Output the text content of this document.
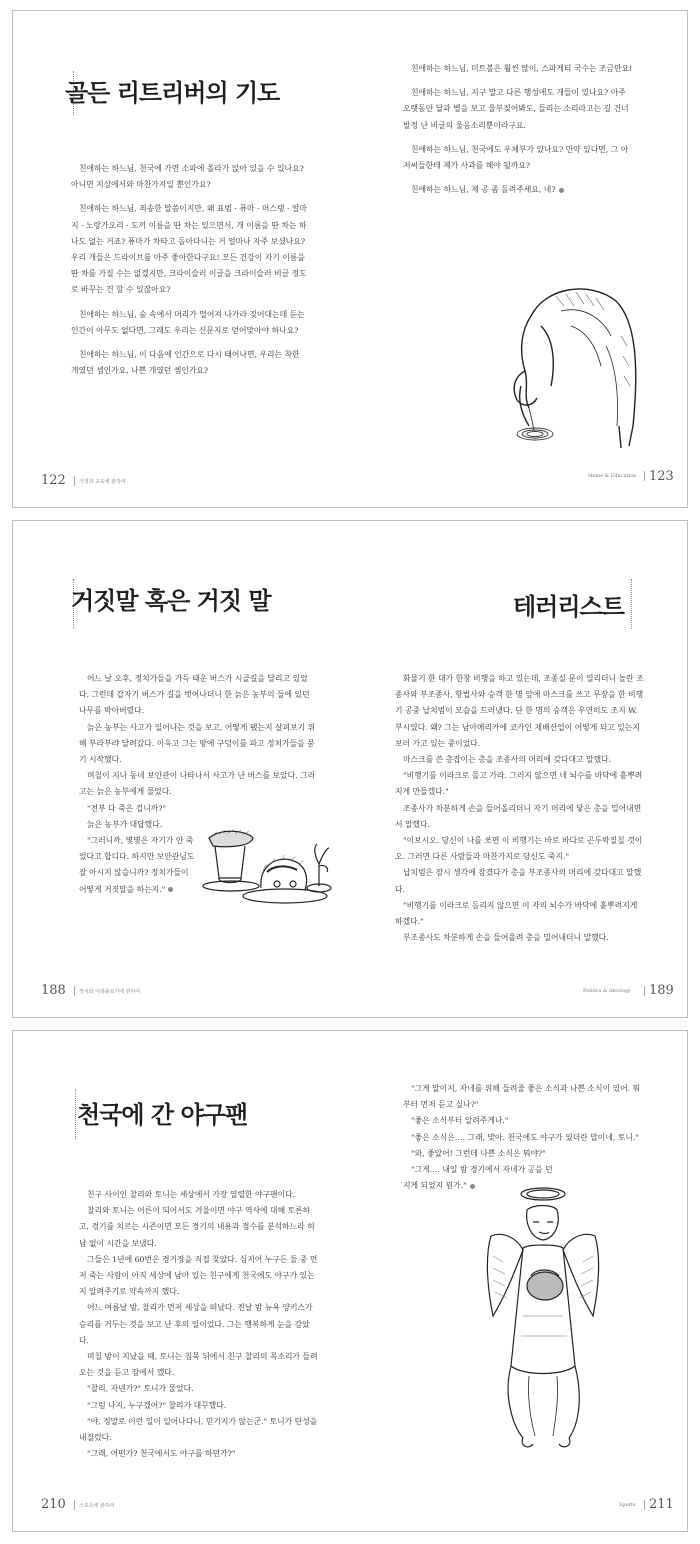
골든 리트리버의 기도

친애하는 하느님, 천국에 가면 소파에 올라가 앉아 있을 수 있나요? 아니면 지상에서와 마찬가지일 뿐인가요?

친애하는 하느님, 죄송한 말씀이지만, 왜 표범 · 퓨마 · 머스탱 · 얼마지 · 노랑가오리 · 도끼 이름을 딴 차는 있으면서, 개 이름을 딴 차는 하나도 없는 거죠? 퓨마가 차타고 돌아다니는 거 얼마나 자주 보셨나요? 우리 개들은 드라이브를 아주 좋아한다구요! 모든 건강이 자기 이름을 딴 차를 가질 수는 없겠지만, 크라이슬러 이글을 크라이슬러 비글 정도로 바꾸는 건 할 수 있잖아요?

친애하는 하느님, 숲 속에서 머리가 떨어져 나가라 짖어대는데 듣는 인간이 아무도 없다면, 그래도 우리는 신문지로 얻어맞아야 하나요?

친애하는 하느님, 이 다음에 인간으로 다시 태어나면, 우리는 착한 개였던 셈인가요, 나쁜 개였던 셈인가요?

친애하는 하느님, 미트볼은 훨씬 많이, 스파게티 국수는 조금만요!

친애하는 하느님, 지구 말고 다른 행성에도 개들이 있나요? 아주 오랫동안 달과 별을 보고 울부짖어봐도, 들리는 소리라고는 길 건너 발정 난 비글의 울음소리뿐이라구요.

친애하는 하느님, 천국에도 우체부가 있나요? 만약 있다면, 그 아저씨들한테 제가 사과를 해야 될까요?

친애하는 하느님, 제 공 좀 돌려주세요, 네?

122	가정과 교육에 관하여
Home & Education 123
거짓말 혹은 거짓 말	테러리스트

어느 날 오후, 정치가들을 가득 태운 버스가 시골길을 달리고 있었다. 그런데 갑자기 버스가 길을 벗어나더니 한 늙은 농부의 들에 있던 나무를 박아버렸다.

늙은 농부는 사고가 일어나는 것을 보고, 어떻게 됐는지 살펴보기 위해 부라부랴 달려갔다. 이윽고 그는 땅에 구덩이를 파고 정치가들을 묻기 시작했다.

며칠이 지나 동네 보안관이 나타나서 사고가 난 버스를 보았다. 그러고는 늙은 농부에게 물었다.

"전부 다 죽은 겁니까?"

늙은 농부가 대답했다.

"그러니까, 몇몇은 자기가 안 죽었다고 합디다. 하지만 보안관님도 잘 아시지 않습니까? 정치가들이 어떻게 거짓말을 하는지."

화물기 한 대가 한창 비행을 하고 있는데, 조종실 문이 열리더니 놀란 조종사와 부조종사, 항법사와 승객 한 명 앞에 마스크를 쓰고 무장을 한 비행기 공중 납치범이 모습을 드러냈다. 단 한 명의 승객은 우연히도 조지 W. 부시였다. 왜? 그는 남아메리카에 코카인 재배산업이 어떻게 되고 있는지 보러 가고 있는 중이었다.

마스크를 쓴 총잡이는 총을 조종사의 머리에 갖다대고 말했다.

"비행기를 이라크로 몰고 가라. 그러지 않으면 네 뇌수를 바닥에 흩뿌려지게 만들겠다."

조종사가 차분하게 손을 들어올리더니 자기 머리에 닿은 총을 밀어내면서 말했다.

"이보시오. 당신이 나를 쏘면 이 비행기는 바로 바다로 곤두박질칠 것이오. 그러면 다른 사람들과 마찬가지로 당신도 죽지."

납치범은 잠시 생각에 잠겼다가 총을 부조종사의 머리에 갖다대고 말했다.

"비행기를 이라크로 돌리지 않으면 이 자의 뇌수가 바닥에 흩뿌려지게 하겠다."

부조종사도 차분하게 손을 들어올려 총을 밀어내더니 말했다.

188	정치와 이데올로기에 관하여	Politics & Ideology 189
천국에 간 야구팬

친구 사이인 찰리와 토니는 세상에서 가장 열렬한 야구팬이다.

찰리와 토니는 어른이 되어서도 겨울이면 야구 역사에 대해 토론하고, 경기를 치르는 시즌이면 모든 경기의 내용과 점수를 분석하느라 허남 없이 시간을 보냈다.

그들은 1년에 60번은 경기장을 직접 찾았다. 심지어 누구든 둘 중 먼저 죽는 사람이 아직 세상에 남아 있는 친구에게 천국에도 야구가 있는지 알려주기로 약속까지 했다.

어느 여름날 밤, 찰리가 먼저 세상을 떠났다. 전날 밤 뉴욕 양키스가 승리를 거두는 것을 보고 난 후의 일이었다. 그는 행복하게 눈을 감았다.

며칠 밤이 지났을 때, 토니는 침묵 뒤에서 친구 찰리의 목소리가 들려오는 것을 듣고 잠에서 깼다.

"찰리, 자넨가?" 토니가 물었다.

"그럼 나지, 누구겠어?" 찰리가 대꾸했다.

"야, 정말로 이런 일이 일어나다니, 믿기지가 않는군." 토니가 탄성을 내질렀다.

"그래, 어떤가? 천국에서도 야구를 하던가?"

"그게 말이지, 자네를 위해 들려줄 좋은 소식과 나쁜 소식이 있어. 뭐부터 먼저 듣고 싶나?"

"좋은 소식부터 알려주게나."

"좋은 소식은…. 그래, 맞아. 천국에도 야구가 있더란 말이네, 토니."

"와, 좋았어! 그런데 나쁜 소식은 뭐야?"

"그게…. 내일 밤 경기에서 자네가 공을 던지게 되었지 뭔가."

210	스포츠에 관하여	Sports 211
